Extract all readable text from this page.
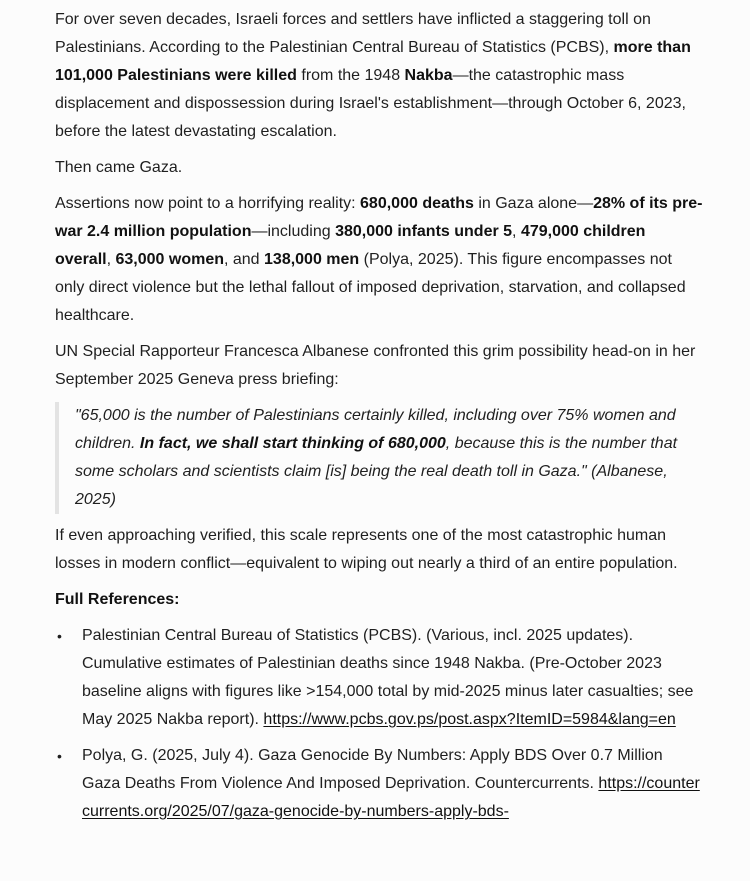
For over seven decades, Israeli forces and settlers have inflicted a staggering toll on Palestinians. According to the Palestinian Central Bureau of Statistics (PCBS), more than 101,000 Palestinians were killed from the 1948 Nakba—the catastrophic mass displacement and dispossession during Israel's establishment—through October 6, 2023, before the latest devastating escalation.

Then came Gaza.

Assertions now point to a horrifying reality: 680,000 deaths in Gaza alone—28% of its pre-war 2.4 million population—including 380,000 infants under 5, 479,000 children overall, 63,000 women, and 138,000 men (Polya, 2025). This figure encompasses not only direct violence but the lethal fallout of imposed deprivation, starvation, and collapsed healthcare.

UN Special Rapporteur Francesca Albanese confronted this grim possibility head-on in her September 2025 Geneva press briefing:

"65,000 is the number of Palestinians certainly killed, including over 75% women and children. In fact, we shall start thinking of 680,000, because this is the number that some scholars and scientists claim [is] being the real death toll in Gaza." (Albanese, 2025)

If even approaching verified, this scale represents one of the most catastrophic human losses in modern conflict—equivalent to wiping out nearly a third of an entire population.

Full References:

• Palestinian Central Bureau of Statistics (PCBS). (Various, incl. 2025 updates). Cumulative estimates of Palestinian deaths since 1948 Nakba. (Pre-October 2023 baseline aligns with figures like >154,000 total by mid-2025 minus later casualties; see May 2025 Nakba report). https://www.pcbs.gov.ps/post.aspx?ItemID=5984&lang=en
• Polya, G. (2025, July 4). Gaza Genocide By Numbers: Apply BDS Over 0.7 Million Gaza Deaths From Violence And Imposed Deprivation. Countercurrents. https://countercurrents.org/2025/07/gaza-genocide-by-numbers-apply-bds-
